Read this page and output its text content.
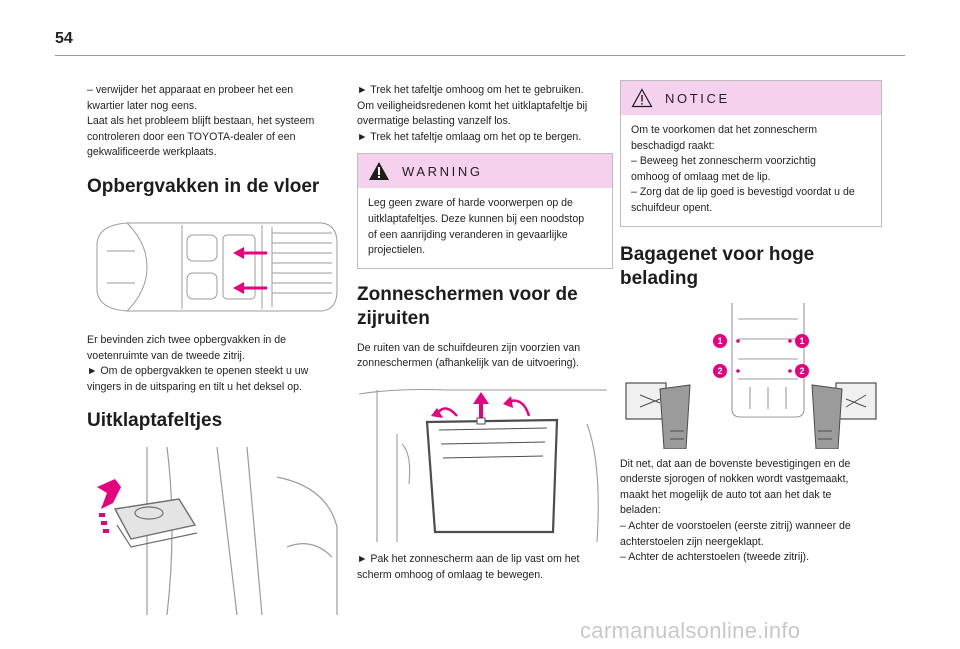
54

– verwijder het apparaat en probeer het een

kwartier later nog eens.

Laat als het probleem blijft bestaan, het systeem

controleren door een TOYOTA-dealer of een

gekwalificeerde werkplaats.

Opbergvakken in de vloer

Er bevinden zich twee opbergvakken in de

voetenruimte van de tweede zitrij.

► Om de opbergvakken te openen steekt u uw

vingers in de uitsparing en tilt u het deksel op.

Uitklaptafeltjes

► Trek het tafeltje omhoog om het te gebruiken.

Om veiligheidsredenen komt het uitklaptafeltje bij

overmatige belasting vanzelf los.

► Trek het tafeltje omlaag om het op te bergen.

WARNING

Leg geen zware of harde voorwerpen op de

uitklaptafeltjes. Deze kunnen bij een noodstop

of een aanrijding veranderen in gevaarlijke

projectielen.

Zonneschermen voor de
zijruiten

De ruiten van de schuifdeuren zijn voorzien van

zonneschermen (afhankelijk van de uitvoering).

► Pak het zonnescherm aan de lip vast om het

scherm omhoog of omlaag te bewegen.

NOTICE

Om te voorkomen dat het zonnescherm

beschadigd raakt:

– Beweeg het zonnescherm voorzichtig

omhoog of omlaag met de lip.

– Zorg dat de lip goed is bevestigd voordat u de

schuifdeur opent.

Bagagenet voor hoge
belading
1	1
2	2

Dit net, dat aan de bovenste bevestigingen en de

onderste sjorogen of nokken wordt vastgemaakt,

maakt het mogelijk de auto tot aan het dak te

beladen:

– Achter de voorstoelen (eerste zitrij) wanneer de

achterstoelen zijn neergeklapt.

– Achter de achterstoelen (tweede zitrij).

carmanualsonline.info
